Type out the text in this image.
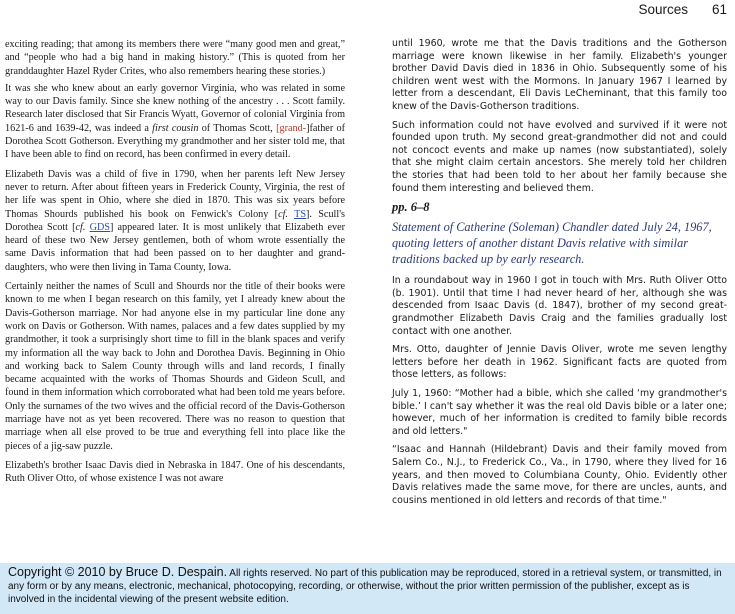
Sources 61

exciting reading; that among its members there were “many good men and great,” and “people who had a big hand in making history.” (This is quoted from her granddaughter Hazel Ryder Crites, who also remembers hearing these stories.)

It was she who knew about an early governor Virginia, who was related in some way to our Davis family. Since she knew nothing of the ancestry . . . Scott family. Research later disclosed that Sir Francis Wyatt, Governor of colonial Virginia from 1621-6 and 1639-42, was indeed a first cousin of Thomas Scott, [grand-]father of Dorothea Scott Gotherson. Everything my grandmother and her sister told me, that I have been able to find on record, has been confirmed in every detail.

Elizabeth Davis was a child of five in 1790, when her parents left New Jersey never to return. After about fifteen years in Frederick County, Virginia, the rest of her life was spent in Ohio, where she died in 1870. This was six years before Thomas Shourds published his book on Fenwick's Colony [cf. TS]. Scull's Dorothea Scott [cf. GDS] appeared later. It is most unlikely that Elizabeth ever heard of these two New Jersey gentlemen, both of whom wrote essentially the same Davis information that had been passed on to her daughter and grand-daughters, who were then living in Tama County, Iowa.

Certainly neither the names of Scull and Shourds nor the title of their books were known to me when I began research on this family, yet I already knew about the Davis-Gotherson marriage. Nor had anyone else in my particular line done any work on Davis or Gotherson. With names, palaces and a few dates supplied by my grandmother, it took a surprisingly short time to fill in the blank spaces and verify my information all the way back to John and Dorothea Davis. Beginning in Ohio and working back to Salem County through wills and land records, I finally became acquainted with the works of Thomas Shourds and Gideon Scull, and found in them information which corroborated what had been told me years before. Only the surnames of the two wives and the official record of the Davis-Gotherson marriage have not as yet been recovered. There was no reason to question that marriage when all else proved to be true and everything fell into place like the pieces of a jig-saw puzzle.

Elizabeth's brother Isaac Davis died in Nebraska in 1847. One of his descendants, Ruth Oliver Otto, of whose existence I was not aware

until 1960, wrote me that the Davis traditions and the Gotherson marriage were known likewise in her family. Elizabeth's younger brother David Davis died in 1836 in Ohio. Subsequently some of his children went west with the Mormons. In January 1967 I learned by letter from a descendant, Eli Davis LeCheminant, that this family too knew of the Davis-Gotherson traditions.

Such information could not have evolved and survived if it were not founded upon truth. My second great-grandmother did not and could not concoct events and make up names (now substantiated), solely that she might claim certain ancestors. She merely told her children the stories that had been told to her about her family because she found them interesting and believed them.

pp. 6–8

Statement of Catherine (Soleman) Chandler dated July 24, 1967, quoting letters of another distant Davis relative with similar traditions backed up by early research.

In a roundabout way in 1960 I got in touch with Mrs. Ruth Oliver Otto (b. 1901). Until that time I had never heard of her, although she was descended from Isaac Davis (d. 1847), brother of my second great-grandmother Elizabeth Davis Craig and the families gradually lost contact with one another.

Mrs. Otto, daughter of Jennie Davis Oliver, wrote me seven lengthy letters before her death in 1962. Significant facts are quoted from those letters, as follows:

July 1, 1960: “Mother had a bible, which she called ‘my grandmother's bible.’ I can't say whether it was the real old Davis bible or a later one; however, much of her information is credited to family bible records and old letters."

“Isaac and Hannah (Hildebrant) Davis and their family moved from Salem Co., N.J., to Frederick Co., Va., in 1790, where they lived for 16 years, and then moved to Columbiana County, Ohio. Evidently other Davis relatives made the same move, for there are uncles, aunts, and cousins mentioned in old letters and records of that time."

Copyright © 2010 by Bruce D. Despain. All rights reserved. No part of this publication may be reproduced, stored in a retrieval system, or transmitted, in any form or by any means, electronic, mechanical, photocopying, recording, or otherwise, without the prior written permission of the publisher, except as is involved in the incidental viewing of the present website edition.
